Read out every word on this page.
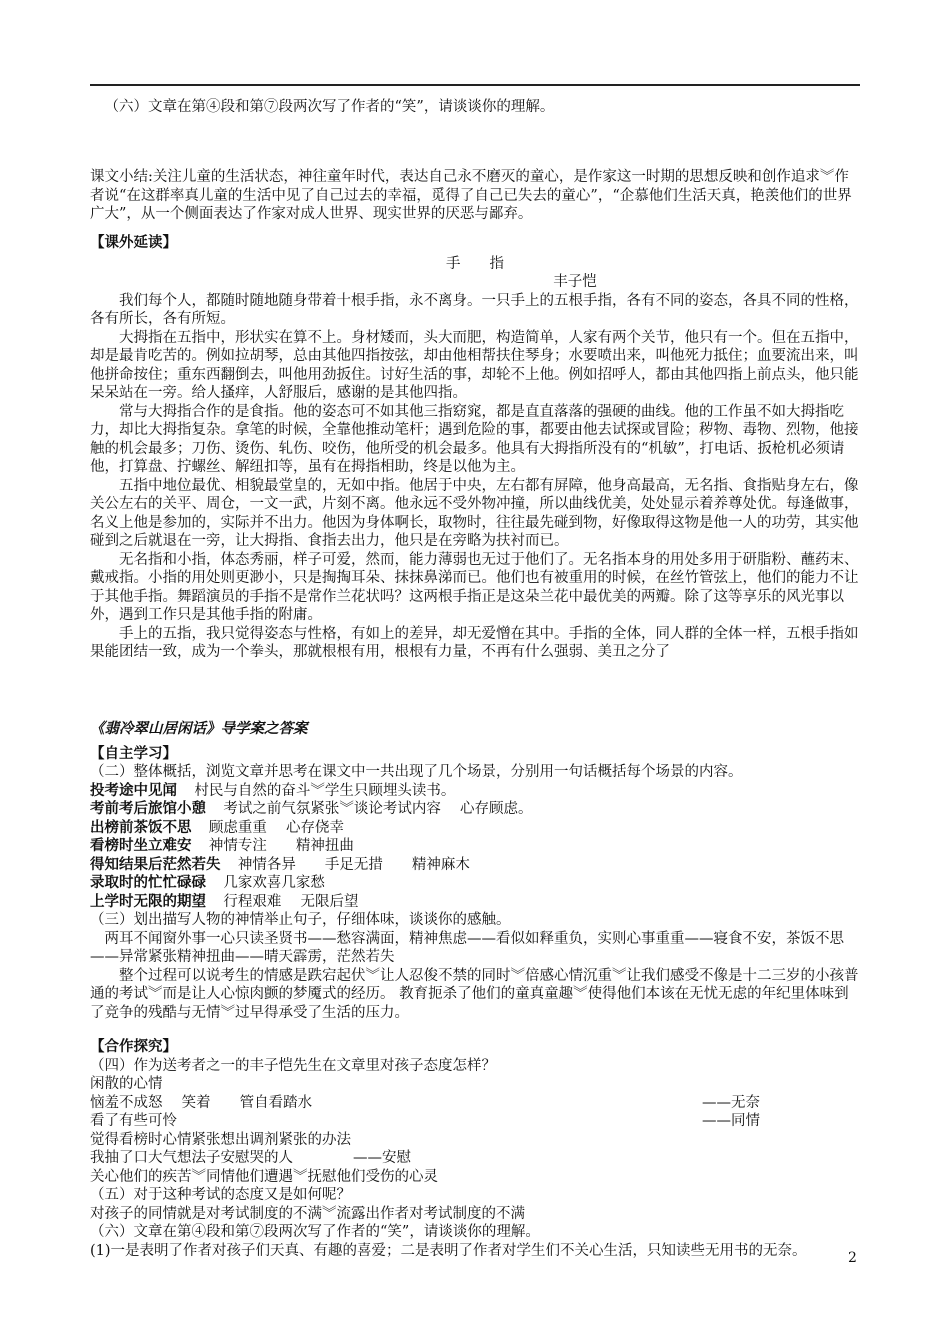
（六）文章在第④段和第⑦段两次写了作者的“笑”，请谈谈你的理解。

课文小结:关注儿童的生活状态，神往童年时代，表达自己永不磨灭的童心，是作家这一时期的思想反映和创作追求︾作者说“在这群率真儿童的生活中见了自己过去的幸福，觅得了自己已失去的童心”，“企慕他们生活天真，艳羡他们的世界广大”，从一个侧面表达了作家对成人世界、现实世界的厌恶与鄙弃。

【课外延读】

手　　指

丰子恺

我们每个人，都随时随地随身带着十根手指，永不离身。一只手上的五根手指，各有不同的姿态，各具不同的性格，各有所长，各有所短。

大拇指在五指中，形状实在算不上。身材矮而，头大而肥，构造简单，人家有两个关节，他只有一个。但在五指中，却是最肯吃苦的。例如拉胡琴，总由其他四指按弦，却由他相帮扶住琴身；水要喷出来，叫他死力抵住；血要流出来，叫他拼命按住；重东西翻倒去，叫他用劲扳住。讨好生活的事，却轮不上他。例如招呼人，都由其他四指上前点头，他只能呆呆站在一旁。给人搔痒，人舒服后，感谢的是其他四指。

常与大拇指合作的是食指。他的姿态可不如其他三指窈窕，都是直直落落的强硬的曲线。他的工作虽不如大拇指吃力，却比大拇指复杂。拿笔的时候，全靠他推动笔杆；遇到危险的事，都要由他去试探或冒险；秽物、毒物、烈物，他接触的机会最多；刀伤、烫伤、轧伤、咬伤，他所受的机会最多。他具有大拇指所没有的“机敏”，打电话、扳枪机必须请他，打算盘、拧螺丝、解纽扣等，虽有在拇指相助，终是以他为主。

五指中地位最优、相貌最堂皇的，无如中指。他居于中央，左右都有屏障，他身高最高，无名指、食指贴身左右，像关公左右的关平、周仓，一文一武，片刻不离。他永远不受外物冲撞，所以曲线优美，处处显示着养尊处优。每逢做事，名义上他是参加的，实际并不出力。他因为身体啊长，取物时，往往最先碰到物，好像取得这物是他一人的功劳，其实他碰到之后就退在一旁，让大拇指、食指去出力，他只是在旁略为扶衬而已。

无名指和小指，体态秀丽，样子可爱，然而，能力薄弱也无过于他们了。无名指本身的用处多用于研脂粉、蘸药末、戴戒指。小指的用处则更渺小，只是掏掏耳朵、抹抹鼻涕而已。他们也有被重用的时候，在丝竹管弦上，他们的能力不让于其他手指。舞蹈演员的手指不是常作兰花状吗？这两根手指正是这朵兰花中最优美的两瓣。除了这等享乐的风光事以外，遇到工作只是其他手指的附庸。

手上的五指，我只觉得姿态与性格，有如上的差异，却无爱憎在其中。手指的全体，同人群的全体一样，五根手指如果能团结一致，成为一个拳头，那就根根有用，根根有力量，不再有什么强弱、美丑之分了

《翡冷翠山居闲话》导学案之答案

【自主学习】

（二）整体概括，浏览文章并思考在课文中一共出现了几个场景，分别用一句话概括每个场景的内容。

投考途中见闻 村民与自然的奋斗︾学生只顾埋头读书。

考前考后旅馆小憩 考试之前气氛紧张︾谈论考试内容　 心存顾虑。

出榜前茶饭不思 顾虑重重　 心存侥幸

看榜时坐立难安 神情专注　　精神扭曲

得知结果后茫然若失 神情各异　　手足无措　　精神麻木

录取时的忙忙碌碌 几家欢喜几家愁

上学时无限的期望 行程艰难　 无限后望

（三）划出描写人物的神情举止句子，仔细体味，谈谈你的感触。

两耳不闻窗外事一心只读圣贤书——愁容满面，精神焦虑——看似如释重负，实则心事重重——寝食不安，茶饭不思——异常紧张精神扭曲——晴天霹雳，茫然若失

整个过程可以说考生的情感是跌宕起伏︾让人忍俊不禁的同时︾倍感心情沉重︾让我们感受不像是十二三岁的小孩普通的考试︾而是让人心惊肉颤的梦魇式的经历。 教育扼杀了他们的童真童趣︾使得他们本该在无忧无虑的年纪里体味到了竞争的残酷与无情︾过早得承受了生活的压力。

【合作探究】

（四）作为送考者之一的丰子恺先生在文章里对孩子态度怎样？

闲散的心情

恼羞不成怒　 笑着　　管自看踏水	——无奈

看了有些可怜	——同情

觉得看榜时心情紧张想出调剂紧张的办法

我抽了口大气想法子安慰哭的人	——安慰

关心他们的疾苦︾同情他们遭遇︾抚慰他们受伤的心灵

（五）对于这种考试的态度又是如何呢？

对孩子的同情就是对考试制度的不满︾流露出作者对考试制度的不满

（六）文章在第④段和第⑦段两次写了作者的“笑”，请谈谈你的理解。

(1)一是表明了作者对孩子们天真、有趣的喜爱；二是表明了作者对学生们不关心生活，只知读些无用书的无奈。	2
